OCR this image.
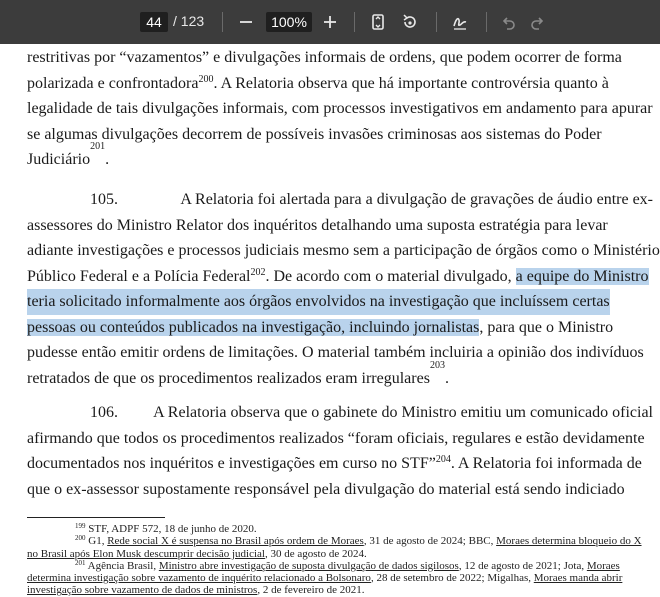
44
/ 123	100%
restritivas por “vazamentos” e divulgações informais de ordens, que podem ocorrer de forma
polarizada e confrontadora$^{200}$. A Relatoria observa que há importante controvérsia quanto à
legalidade de tais divulgações informais, com processos investigativos em andamento para apurar
se algumas divulgações decorrem de possíveis invasões criminosas aos sistemas do Poder
Judiciário
201
.
105.	A Relatoria foi alertada para a divulgação de gravações de áudio entre ex-
assessores do Ministro Relator dos inquéritos detalhando uma suposta estratégia para levar
adiante investigações e processos judiciais mesmo sem a participação de órgãos como o Ministério
Público Federal e a Polícia Federal$^{202}$. De acordo com o material divulgado, a equipe do Ministro
teria solicitado informalmente aos órgãos envolvidos na investigação que incluíssem certas
pessoas ou conteúdos publicados na investigação, incluindo jornalistas, para que o Ministro
pudesse então emitir ordens de limitações. O material também incluiria a opinião dos indivíduos
retratados de que os procedimentos realizados eram irregulares
203
.
106. A Relatoria observa que o gabinete do Ministro emitiu um comunicado oficial
afirmando que todos os procedimentos realizados “foram oficiais, regulares e estão devidamente
documentados nos inquéritos e investigações em curso no STF”$^{204}$. A Relatoria foi informada de
que o ex-assessor supostamente responsável pela divulgação do material está sendo indiciado
$^{199}$ STF, ADPF 572, 18 de junho de 2020.
$^{200}$ G1, Rede social X é suspensa no Brasil após ordem de Moraes, 31 de agosto de 2024; BBC, Moraes determina bloqueio do X
no Brasil após Elon Musk descumprir decisão judicial, 30 de agosto de 2024.
$^{201}$ Agência Brasil, Ministro abre investigação de suposta divulgação de dados sigilosos, 12 de agosto de 2021; Jota, Moraes
determina investigação sobre vazamento de inquérito relacionado a Bolsonaro, 28 de setembro de 2022; Migalhas, Moraes manda abrir
investigação sobre vazamento de dados de ministros, 2 de fevereiro de 2021.
